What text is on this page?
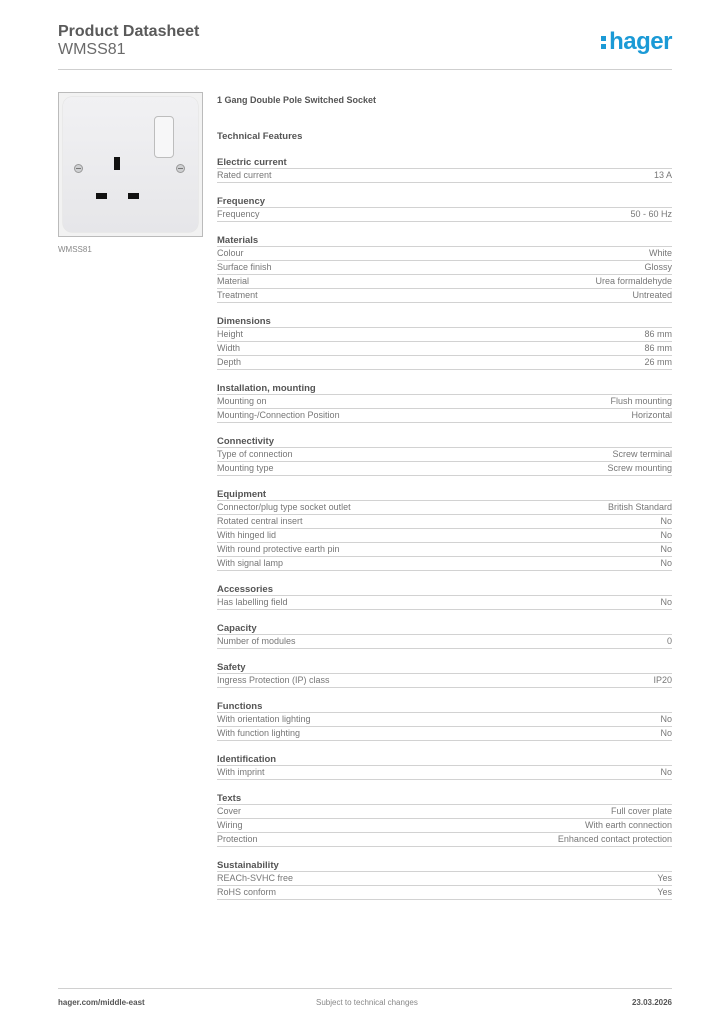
Product Datasheet
WMSS81	hager
WMSS81
1 Gang Double Pole Switched Socket
Technical Features
Electric current
Rated current	13 A
Frequency
Frequency	50 - 60 Hz
Materials
Colour	White
Surface finish	Glossy
Material	Urea formaldehyde
Treatment	Untreated
Dimensions
Height	86 mm
Width	86 mm
Depth	26 mm
Installation, mounting
Mounting on	Flush mounting
Mounting-/Connection Position	Horizontal
Connectivity
Type of connection	Screw terminal
Mounting type	Screw mounting
Equipment
Connector/plug type socket outlet	British Standard
Rotated central insert	No
With hinged lid	No
With round protective earth pin	No
With signal lamp	No
Accessories
Has labelling field	No
Capacity
Number of modules	0
Safety
Ingress Protection (IP) class	IP20
Functions
With orientation lighting	No
With function lighting	No
Identification
With imprint	No
Texts
Cover	Full cover plate
Wiring	With earth connection
Protection	Enhanced contact protection
Sustainability
REACh-SVHC free	Yes
RoHS conform	Yes
hager.com/middle-east	Subject to technical changes	23.03.2026
